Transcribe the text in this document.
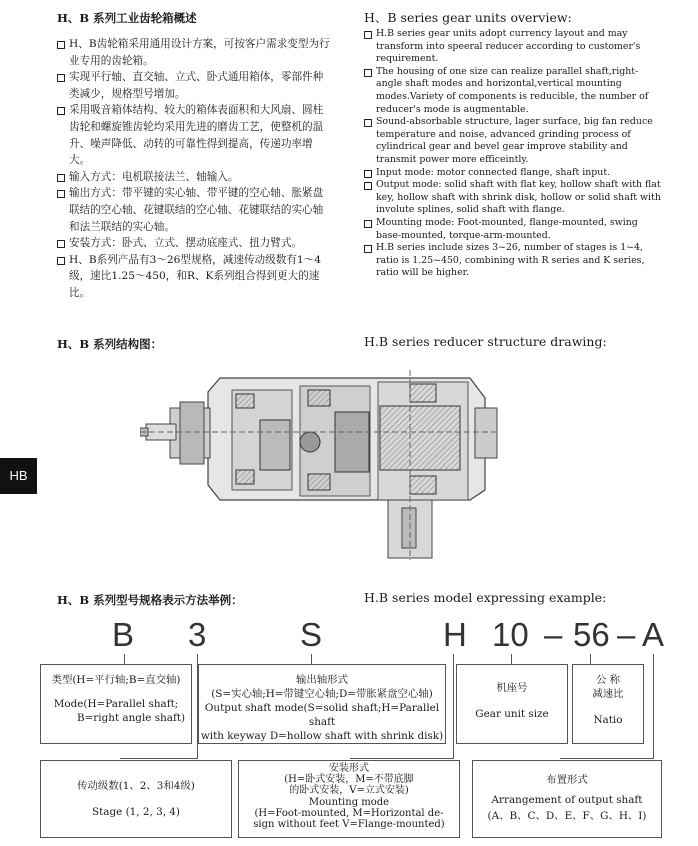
H、B 系列工业齿轮箱概述	H、B series gear units overview:

H、B齿轮箱采用通用设计方案，可按客户需求变型为行业专用的齿轮箱。

实现平行轴、直交轴、立式、卧式通用箱体，零部件种类减少，规格型号增加。

采用吸音箱体结构、较大的箱体表面积和大风扇、圆柱齿轮和螺旋锥齿轮均采用先进的磨齿工艺，使整机的温升、噪声降低、动转的可靠性得到提高，传递功率增大。

输入方式：电机联接法兰、轴输入。

输出方式：带平键的实心轴、带平键的空心轴、胀紧盘联结的空心轴、花键联结的空心轴、花键联结的实心轴和法兰联结的实心轴。

安装方式：卧式、立式、摆动底座式、扭力臂式。

H、B系列产品有3～26型规格，减速传动级数有1～4级，速比1.25～450，和R、K系列组合得到更大的速比。

H.B series gear units adopt currency layout and may transform into speeral reducer according to customer's requirement.

The housing of one size can realize parallel shaft,right-angle shaft modes and horizontal,vertical mounting modes.Variety of components is reducible, the number of reducer's mode is augmentable.

Sound-absorbable structure, lager surface, big fan reduce temperature and noise, advanced grinding process of cylindrical gear and bevel gear improve stability and transmit power more efficeintly.

Input mode: motor connected flange, shaft input.

Output mode: solid shaft with flat key, hollow shaft with flat key, hollow shaft with shrink disk, hollow or solid shaft with involute splines, solid shaft with flange.

Mounting mode: Foot-mounted, flange-mounted, swing base-mounted, torque-arm-mounted.

H.B series include sizes 3~26, number of stages is 1~4, ratio is 1.25~450, combining with R series and K series, ratio will be higher.

H、B 系列结构图：	H.B series reducer structure drawing:
HB
H、B 系列型号规格表示方法举例：	H.B series model expressing example:
B 3	S	H 10 – 56 – A
类型(H=平行轴;B=直交轴)
Mode(H=Parallel shaft;
B=right angle shaft)
输出轴形式
(S=实心轴;H=带键空心轴;D=带胀紧盘空心轴)
Output shaft mode(S=solid shaft;H=Parallel shaft
with keyway D=hollow shaft with shrink disk)
机座号
Gear unit size
公 称
减速比
Natio
传动级数(1、2、3和4级)
Stage (1, 2, 3, 4)
安装形式
(H=卧式安装，M=不带底脚
的卧式安装，V=立式安装)
Mounting mode
(H=Foot-mounted, M=Horizontal de-
sign without feet V=Flange-mounted)
布置形式
Arrangement of output shaft
(A、B、C、D、E、F、G、H、I)
